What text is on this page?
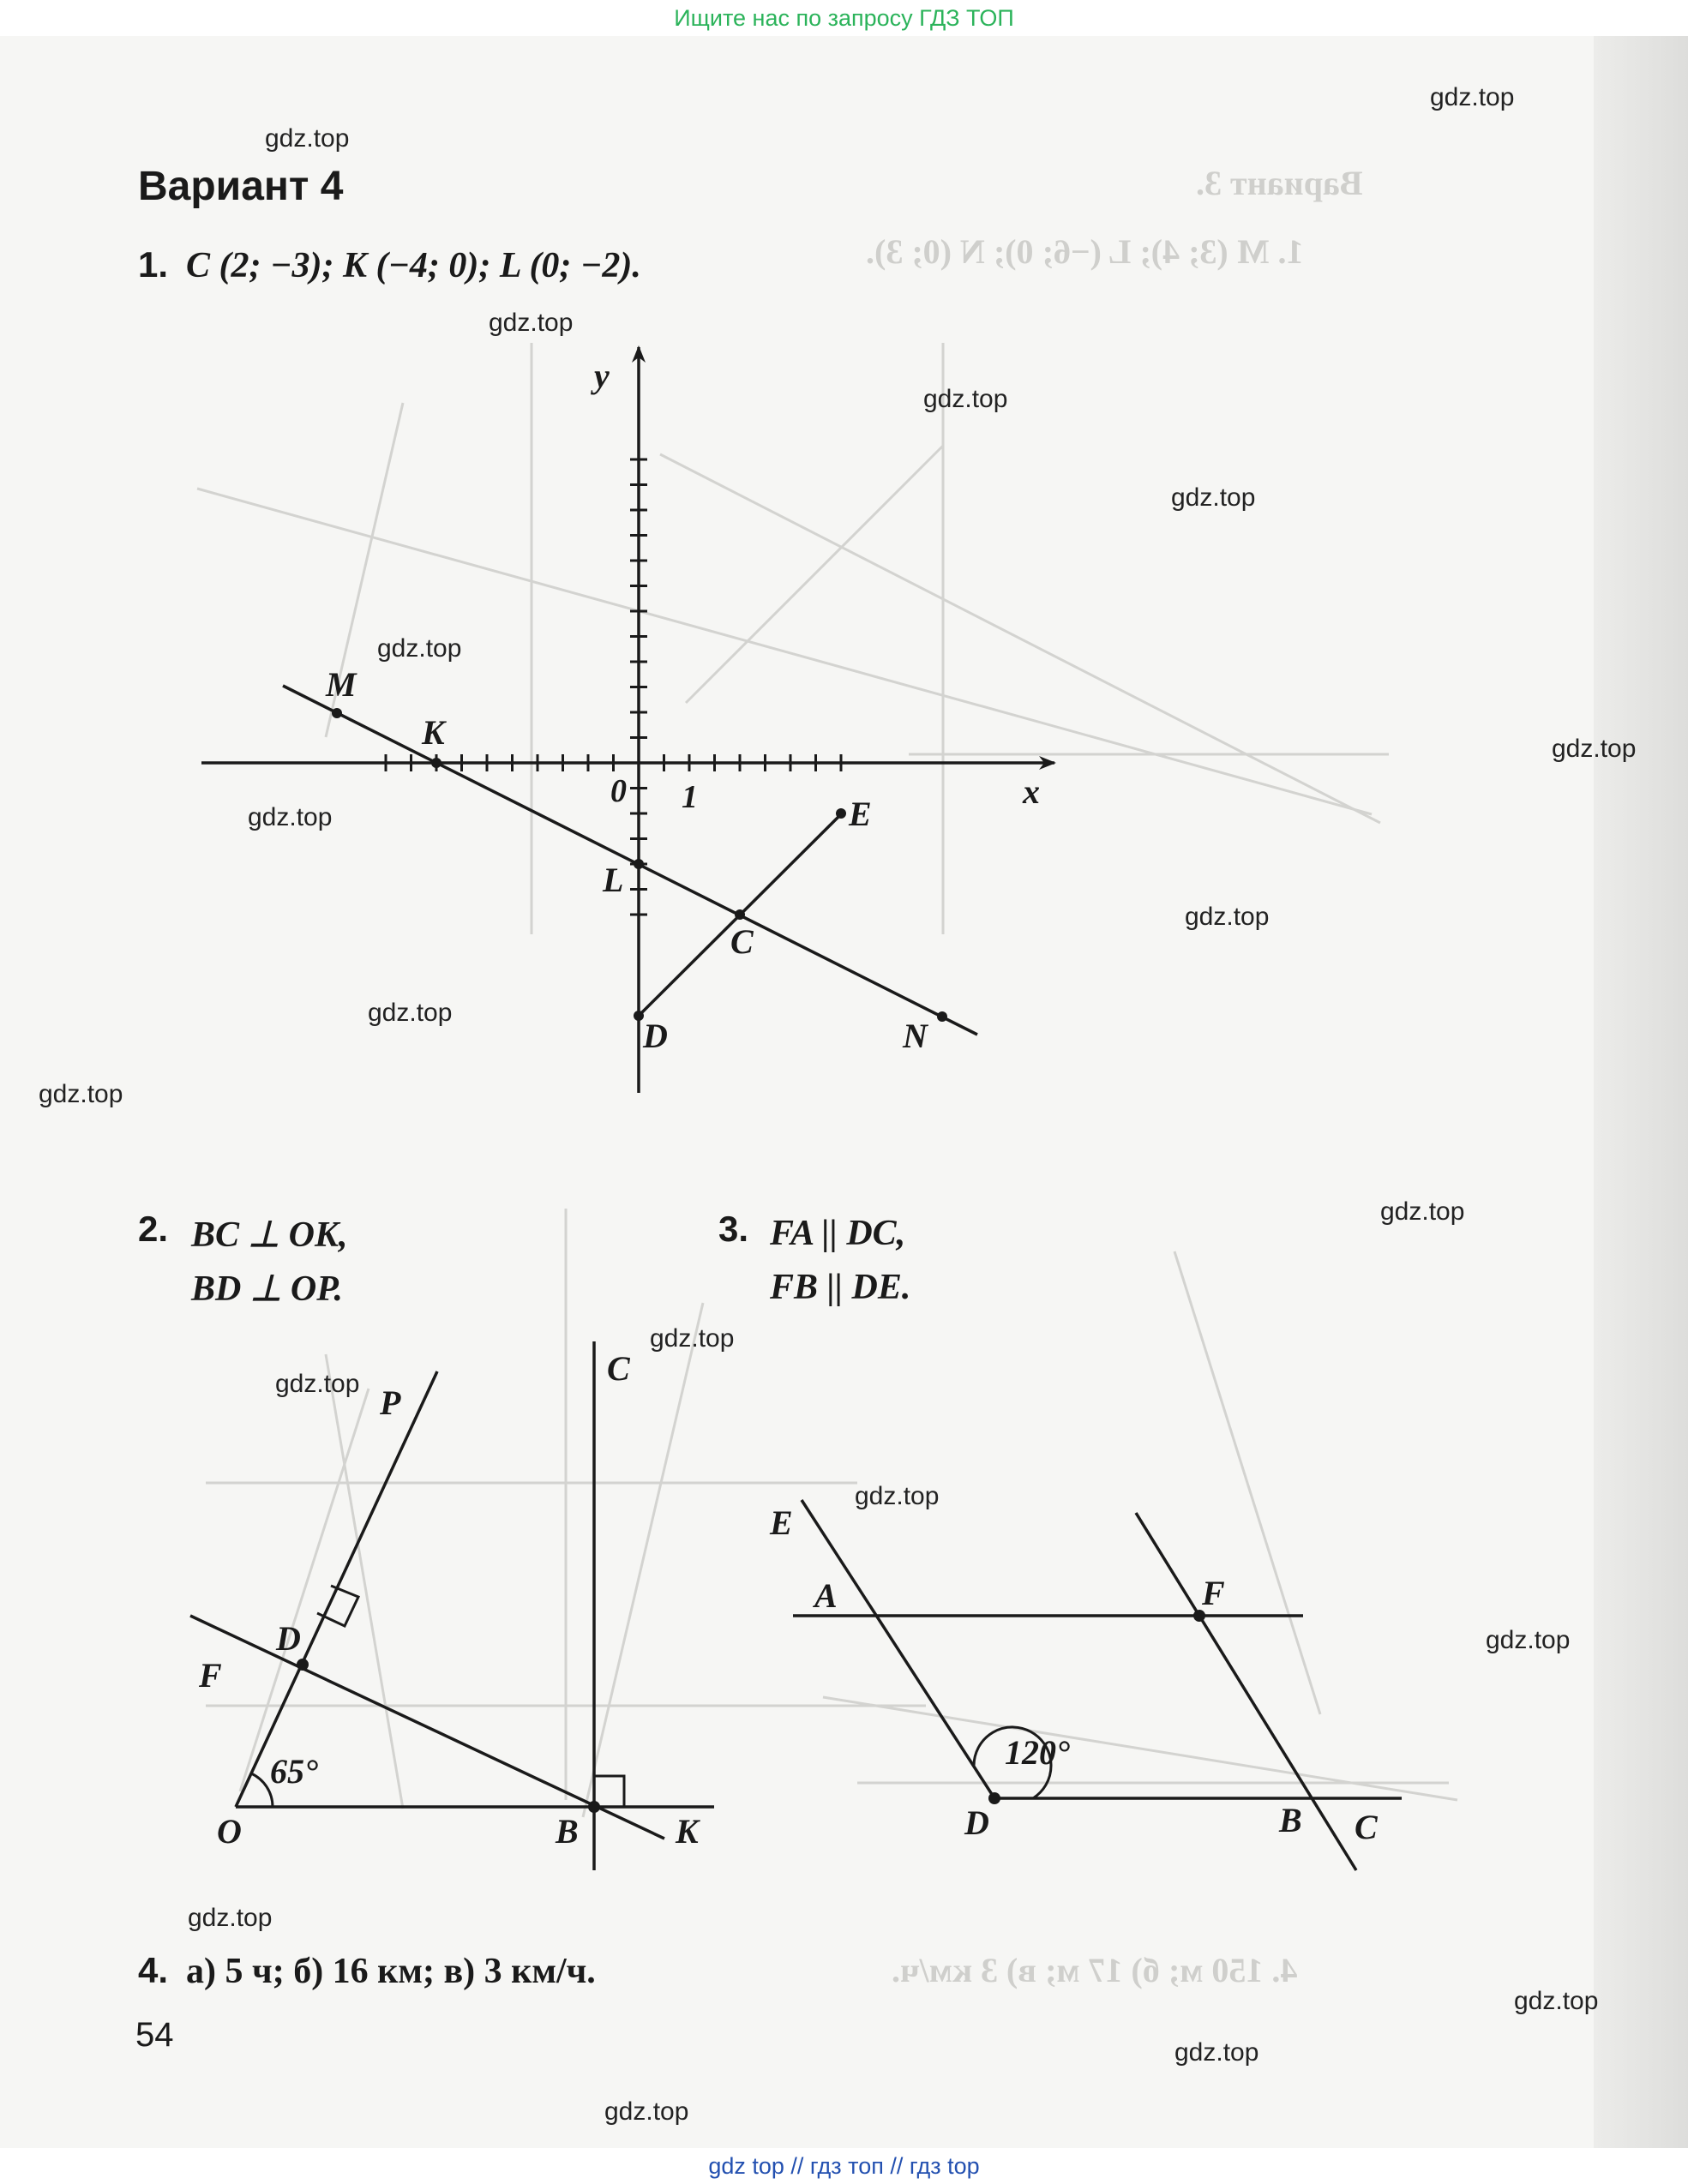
Вариант 3.
1. M (3; 4); L (−6; 0); N (0; 3).
4. 150 м; б) 17 м; в) 3 км/ч.
Ищите нас по запросу ГДЗ ТОП
Вариант 4
1. C (2; −3); K (−4; 0); L (0; −2).
y
x
0 1
M
K
L
C
D
E
N
2. BC ⊥ OK,
BD ⊥ OP.
P
C
D
F
O	B	K
65°
3. FA || DC,
FB || DE.
E
A	F
D	B C
120°
4. а) 5 ч; б) 16 км; в) 3 км/ч.
54
gdz.top
gdz.top
gdz.top
gdz.top
gdz.top
gdz.top
gdz.top
gdz.top
gdz.top
gdz.top
gdz.top
gdz.top
gdz.top
gdz.top
gdz.top
gdz.top
gdz.top
gdz.top
gdz.top
gdz.top
gdz top // гдз топ // гдз top
